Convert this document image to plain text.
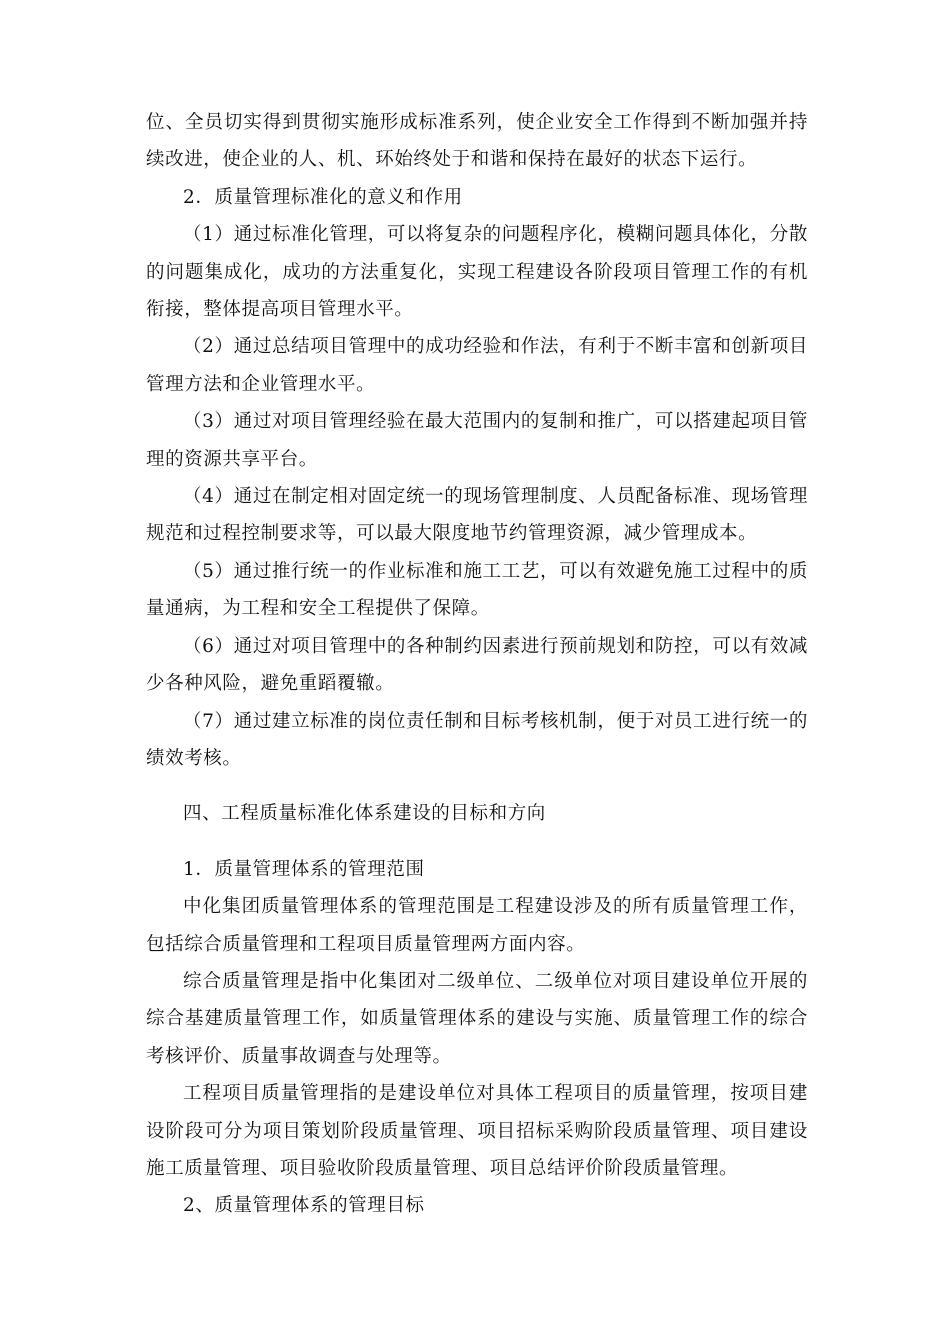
位、全员切实得到贯彻实施形成标准系列，使企业安全工作得到不断加强并持续改进，使企业的人、机、环始终处于和谐和保持在最好的状态下运行。

2．质量管理标准化的意义和作用

（1）通过标准化管理，可以将复杂的问题程序化，模糊问题具体化，分散的问题集成化，成功的方法重复化，实现工程建设各阶段项目管理工作的有机衔接，整体提高项目管理水平。

（2）通过总结项目管理中的成功经验和作法，有利于不断丰富和创新项目管理方法和企业管理水平。

（3）通过对项目管理经验在最大范围内的复制和推广，可以搭建起项目管理的资源共享平台。

（4）通过在制定相对固定统一的现场管理制度、人员配备标准、现场管理规范和过程控制要求等，可以最大限度地节约管理资源，减少管理成本。

（5）通过推行统一的作业标准和施工工艺，可以有效避免施工过程中的质量通病，为工程和安全工程提供了保障。

（6）通过对项目管理中的各种制约因素进行预前规划和防控，可以有效减少各种风险，避免重蹈覆辙。

（7）通过建立标准的岗位责任制和目标考核机制，便于对员工进行统一的绩效考核。

四、工程质量标准化体系建设的目标和方向

1．质量管理体系的管理范围

中化集团质量管理体系的管理范围是工程建设涉及的所有质量管理工作，包括综合质量管理和工程项目质量管理两方面内容。

综合质量管理是指中化集团对二级单位、二级单位对项目建设单位开展的综合基建质量管理工作，如质量管理体系的建设与实施、质量管理工作的综合考核评价、质量事故调查与处理等。

工程项目质量管理指的是建设单位对具体工程项目的质量管理，按项目建设阶段可分为项目策划阶段质量管理、项目招标采购阶段质量管理、项目建设施工质量管理、项目验收阶段质量管理、项目总结评价阶段质量管理。

2、质量管理体系的管理目标
